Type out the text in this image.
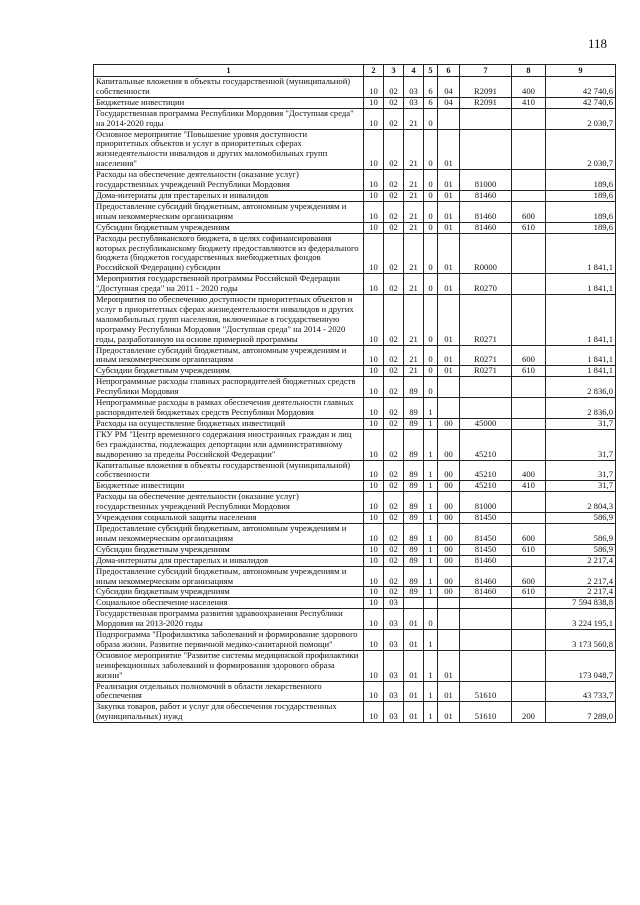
118
1	2	3	4	5	6	7	8	9
Капитальные вложения в объекты государственной (муниципальной) собственности	10	02	03	6	04	R2091	400	42 740,6
Бюджетные инвестиции	10	02	03	6	04	R2091	410	42 740,6
Государственная программа Республики Мордовия "Доступная среда" на 2014-2020 годы	10	02	21	0				2 030,7
Основное мероприятие "Повышение уровня доступности приоритетных объектов и услуг в приоритетных сферах жизнедеятельности инвалидов и других маломобильных групп населения"	10	02	21	0	01			2 030,7
Расходы на обеспечение деятельности (оказание услуг) государственных учреждений Республики Мордовия	10	02	21	0	01	81000		189,6
Дома-интернаты для престарелых и инвалидов	10	02	21	0	01	81460		189,6
Предоставление субсидий бюджетным, автономным учреждениям и иным некоммерческим организациям	10	02	21	0	01	81460	600	189,6
Субсидии бюджетным учреждениям	10	02	21	0	01	81460	610	189,6
Расходы республиканского бюджета, в целях софинансирования которых республиканскому бюджету предоставляются из федерального бюджета (бюджетов государственных внебюджетных фондов Российской Федерации) субсидии	10	02	21	0	01	R0000		1 841,1
Мероприятия государственной программы Российской Федерации "Доступная среда" на 2011 - 2020 годы	10	02	21	0	01	R0270		1 841,1
Мероприятия по обеспечению доступности приоритетных объектов и услуг в приоритетных сферах жизнедеятельности инвалидов и других маломобильных групп населения, включенные в государственную программу Республики Мордовия "Доступная среда" на 2014 - 2020 годы, разработанную на основе примерной программы	10	02	21	0	01	R0271		1 841,1
Предоставление субсидий бюджетным, автономным учреждениям и иным некоммерческим организациям	10	02	21	0	01	R0271	600	1 841,1
Субсидии бюджетным учреждениям	10	02	21	0	01	R0271	610	1 841,1
Непрограммные расходы главных распорядителей бюджетных средств Республики Мордовия	10	02	89	0				2 836,0
Непрограммные расходы в рамках обеспечения деятельности главных распорядителей бюджетных средств Республики Мордовия	10	02	89	1				2 836,0
Расходы на осуществление бюджетных инвестиций	10	02	89	1	00	45000		31,7
ГКУ РМ "Центр временного содержания иностранных граждан и лиц без гражданства, подлежащих депортации или административному выдворению за пределы Российской Федерации"	10	02	89	1	00	45210		31,7
Капитальные вложения в объекты государственной (муниципальной) собственности	10	02	89	1	00	45210	400	31,7
Бюджетные инвестиции	10	02	89	1	00	45210	410	31,7
Расходы на обеспечение деятельности (оказание услуг) государственных учреждений Республики Мордовия	10	02	89	1	00	81000		2 804,3
Учреждения социальной защиты населения	10	02	89	1	00	81450		586,9
Предоставление субсидий бюджетным, автономным учреждениям и иным некоммерческим организациям	10	02	89	1	00	81450	600	586,9
Субсидии бюджетным учреждениям	10	02	89	1	00	81450	610	586,9
Дома-интернаты для престарелых и инвалидов	10	02	89	1	00	81460		2 217,4
Предоставление субсидий бюджетным, автономным учреждениям и иным некоммерческим организациям	10	02	89	1	00	81460	600	2 217,4
Субсидии бюджетным учреждениям	10	02	89	1	00	81460	610	2 217,4
Социальное обеспечение населения	10	03						7 594 838,8
Государственная программа развития здравоохранения Республики Мордовия на 2013-2020 годы	10	03	01	0				3 224 195,1
Подпрограмма "Профилактика заболеваний и формирование здорового образа жизни. Развитие первичной медико-санитарной помощи"	10	03	01	1				3 173 560,8
Основное мероприятие "Развитие системы медицинской профилактики неинфекционных заболеваний и формирования здорового образа жизни"	10	03	01	1	01			173 048,7
Реализация отдельных полномочий в области лекарственного обеспечения	10	03	01	1	01	51610		43 733,7
Закупка товаров, работ и услуг для обеспечения государственных (муниципальных) нужд	10	03	01	1	01	51610	200	7 289,0
